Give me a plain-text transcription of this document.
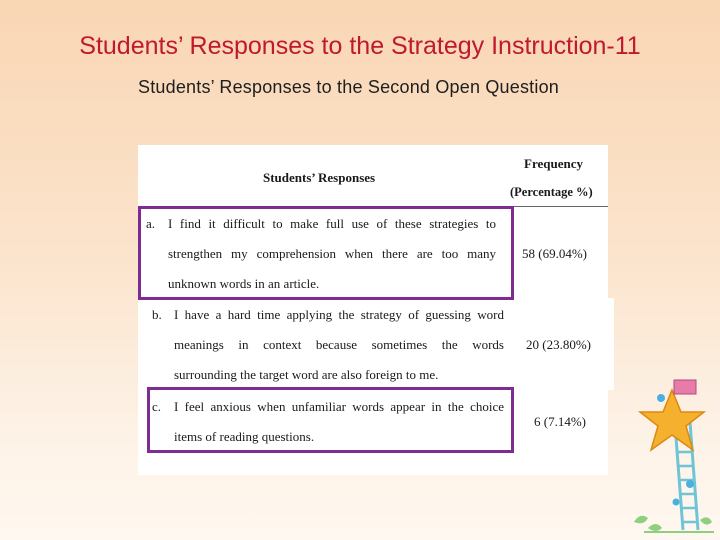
Students’ Responses to the Strategy Instruction-11
Students’ Responses to the Second Open Question
Students’ Responses
Frequency
(Percentage %)
a. I find it difficult to make full use of these strategies to
strengthen my comprehension when there are too many
unknown words in an article.
58 (69.04%)
c. I feel anxious when unfamiliar words appear in the choice
items of reading questions.
6 (7.14%)
b. I have a hard time applying the strategy of guessing word
meanings in context because sometimes the words
surrounding the target word are also foreign to me.
20 (23.80%)
